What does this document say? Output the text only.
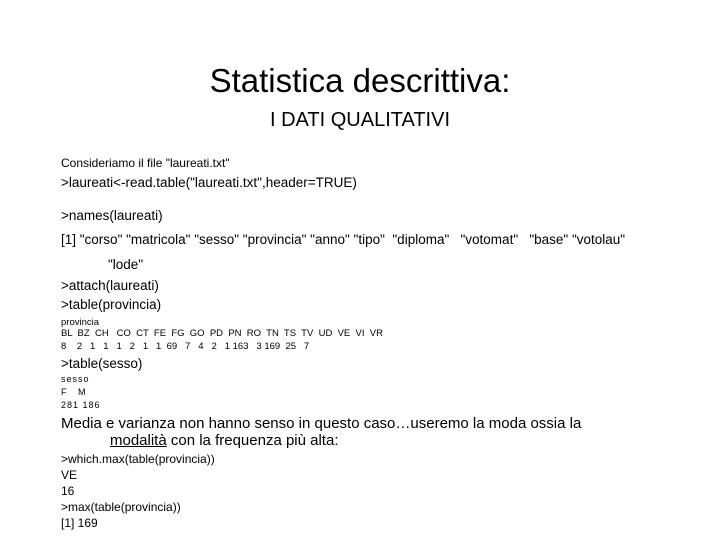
Statistica descrittiva:
I DATI QUALITATIVI
Consideriamo il file "laureati.txt"
>laureati<-read.table("laureati.txt",header=TRUE)
>names(laureati)
[1] "corso" "matricola" "sesso" "provincia" "anno" "tipo"  "diploma"   "votomat"   "base" "votolau"
"lode"
>attach(laureati)
>table(provincia)
provincia
BL  BZ  CH   CO  CT  FE  FG  GO  PD  PN  RO  TN  TS  TV  UD  VE  VI  VR
8    2   1   1   1   2   1   1  69   7   4   2   1 163   3 169  25   7
>table(sesso)
sesso
F   M
281 186
Media e varianza non hanno senso in questo caso…useremo la moda ossia la
modalità con la frequenza più alta:
>which.max(table(provincia))
VE
16
>max(table(provincia))
[1] 169
